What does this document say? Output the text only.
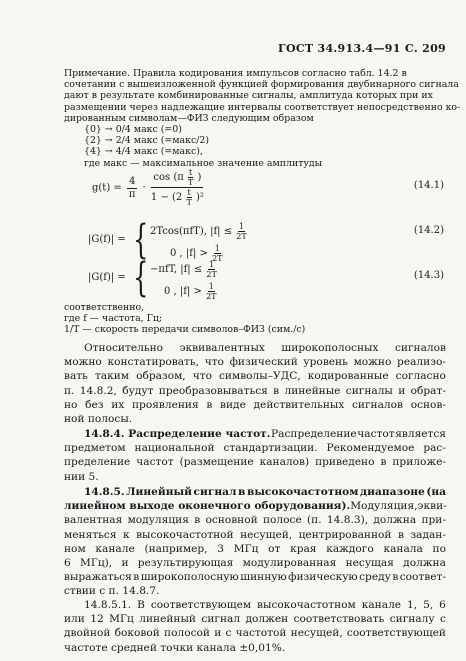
ГОСТ 34.913.4—91 С. 209
Примечание. Правила кодирования импульсов согласно табл. 14.2 в
сочетании с вышеизложенной функцией формирования двубинарного сигнала
дают в результате комбинированные сигналы, амплитуда которых при их
размещении через надлежащие интервалы соответствует непосредственно ко-
дированным символам—ФИЗ следующим образом
{0} → 0/4 макс (=0)
{2} → 2/4 макс (=макс/2)
{4} → 4/4 макс (=макс),
где макс — максимальное значение амплитуды
$g(t) = \frac{4}{\pi} \cdot \frac{\cos (\pi \frac{t}{T} )}{1 - (2 \frac{t}{T} )^2}$	(14.1)
|G(f)| = { 2Tcos(πfT), $|f| \le \frac{1}{2T}$
0 , $|f| > \frac{1}{2T}$
(14.2)
|G(f)| = { −πfT, $|f| \le \frac{1}{2T}$
0 , $|f| > \frac{1}{2T}$
(14.3)
соответственно,
где f — частота, Гц;
1/T — скорость передачи символов–ФИЗ (сим./с)
Относительно эквивалентных широкополосных сигналов
можно констатировать, что физический уровень можно реализо-
вать таким образом, что символы–УДС, кодированные согласно
п. 14.8.2, будут преобразовываться в линейные сигналы и обрат-
но без их проявления в виде действительных сигналов основ-
ной полосы.
14.8.4. Распределение частот. Распределение частот является
предметом национальной стандартизации. Рекомендуемое рас-
пределение частот (размещение каналов) приведено в приложе-
нии 5.
14.8.5. Линейный сигнал в высокочастотном диапазоне (на
линейном выходе оконечного оборудования). Модуляция, экви-
валентная модуляция в основной полосе (п. 14.8.3), должна при-
меняться к высокочастотной несущей, центрированной в задан-
ном канале (например, 3 МГц от края каждого канала по
6 МГц), и результирующая модулированная несущая должна
выражаться в широкополосную шинную физическую среду в соответ-
ствии с п. 14.8.7.
14.8.5.1. В соответствующем высокочастотном канале 1, 5, 6
или 12 МГц линейный сигнал должен соответствовать сигналу с
двойной боковой полосой и с частотой несущей, соответствующей
частоте средней точки канала ±0,01%.
